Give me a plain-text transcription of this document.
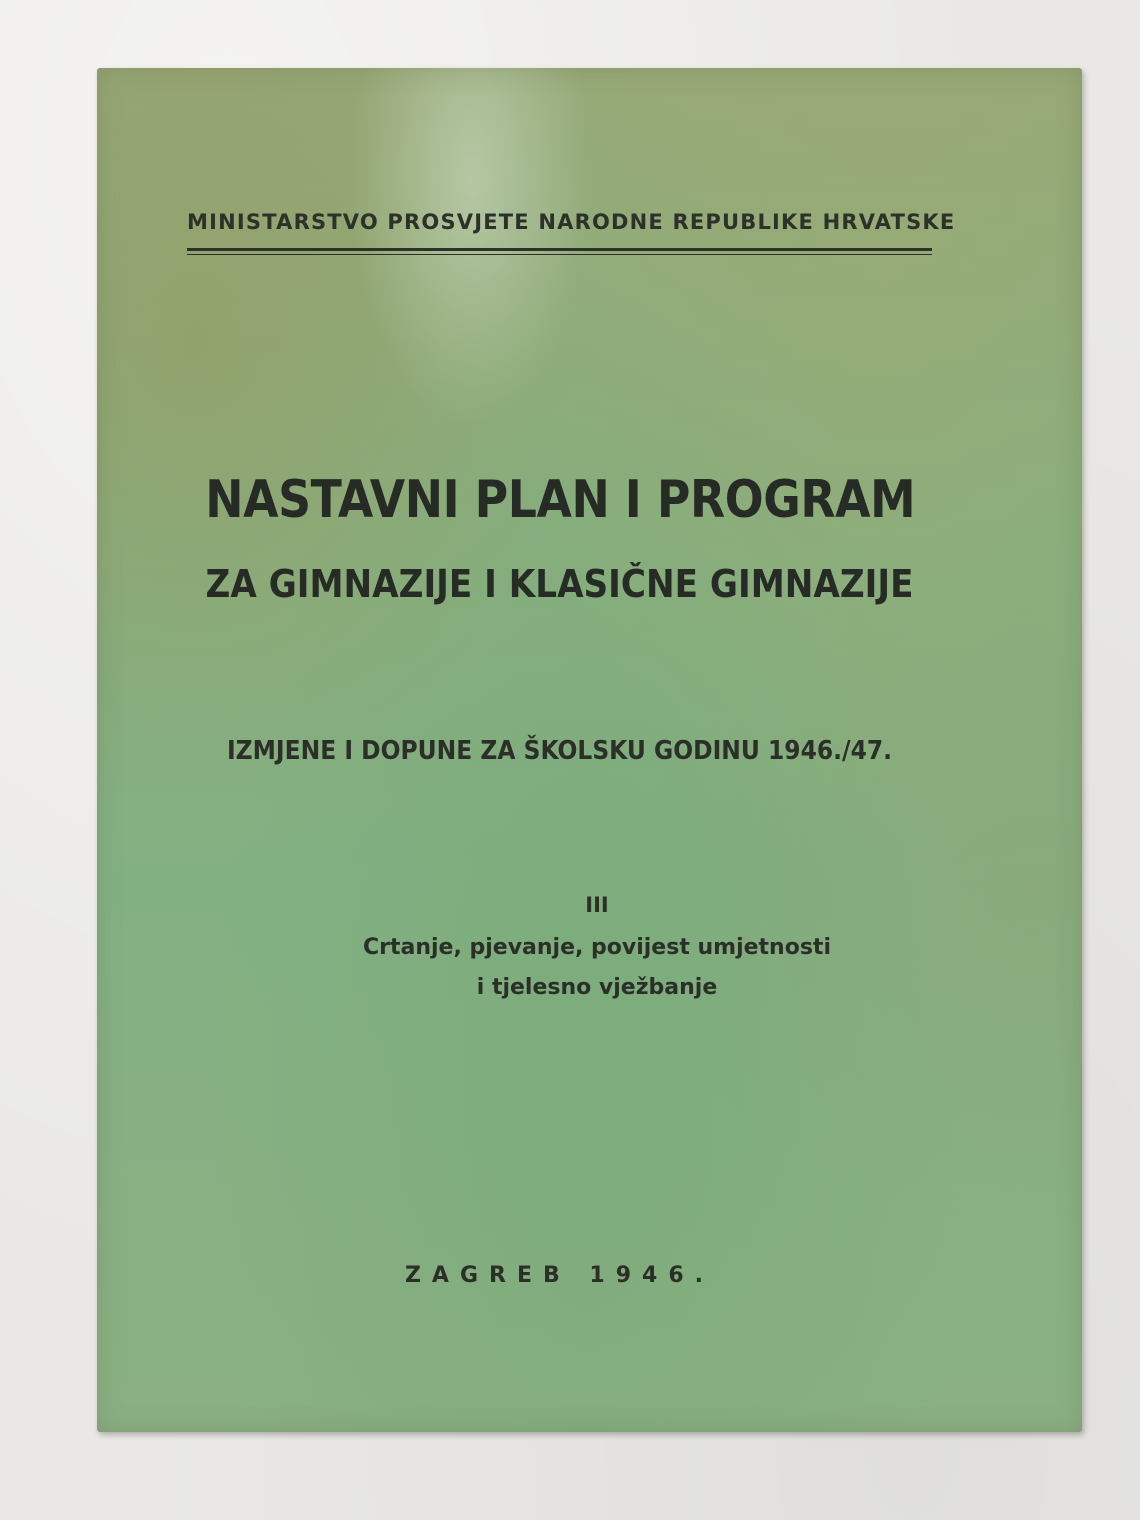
MINISTARSTVO PROSVJETE NARODNE REPUBLIKE HRVATSKE
NASTAVNI PLAN I PROGRAM
ZA GIMNAZIJE I KLASIČNE GIMNAZIJE
IZMJENE I DOPUNE ZA ŠKOLSKU GODINU 1946./47.
III
Crtanje, pjevanje, povijest umjetnosti
i tjelesno vježbanje
ZAGREB 1946.
